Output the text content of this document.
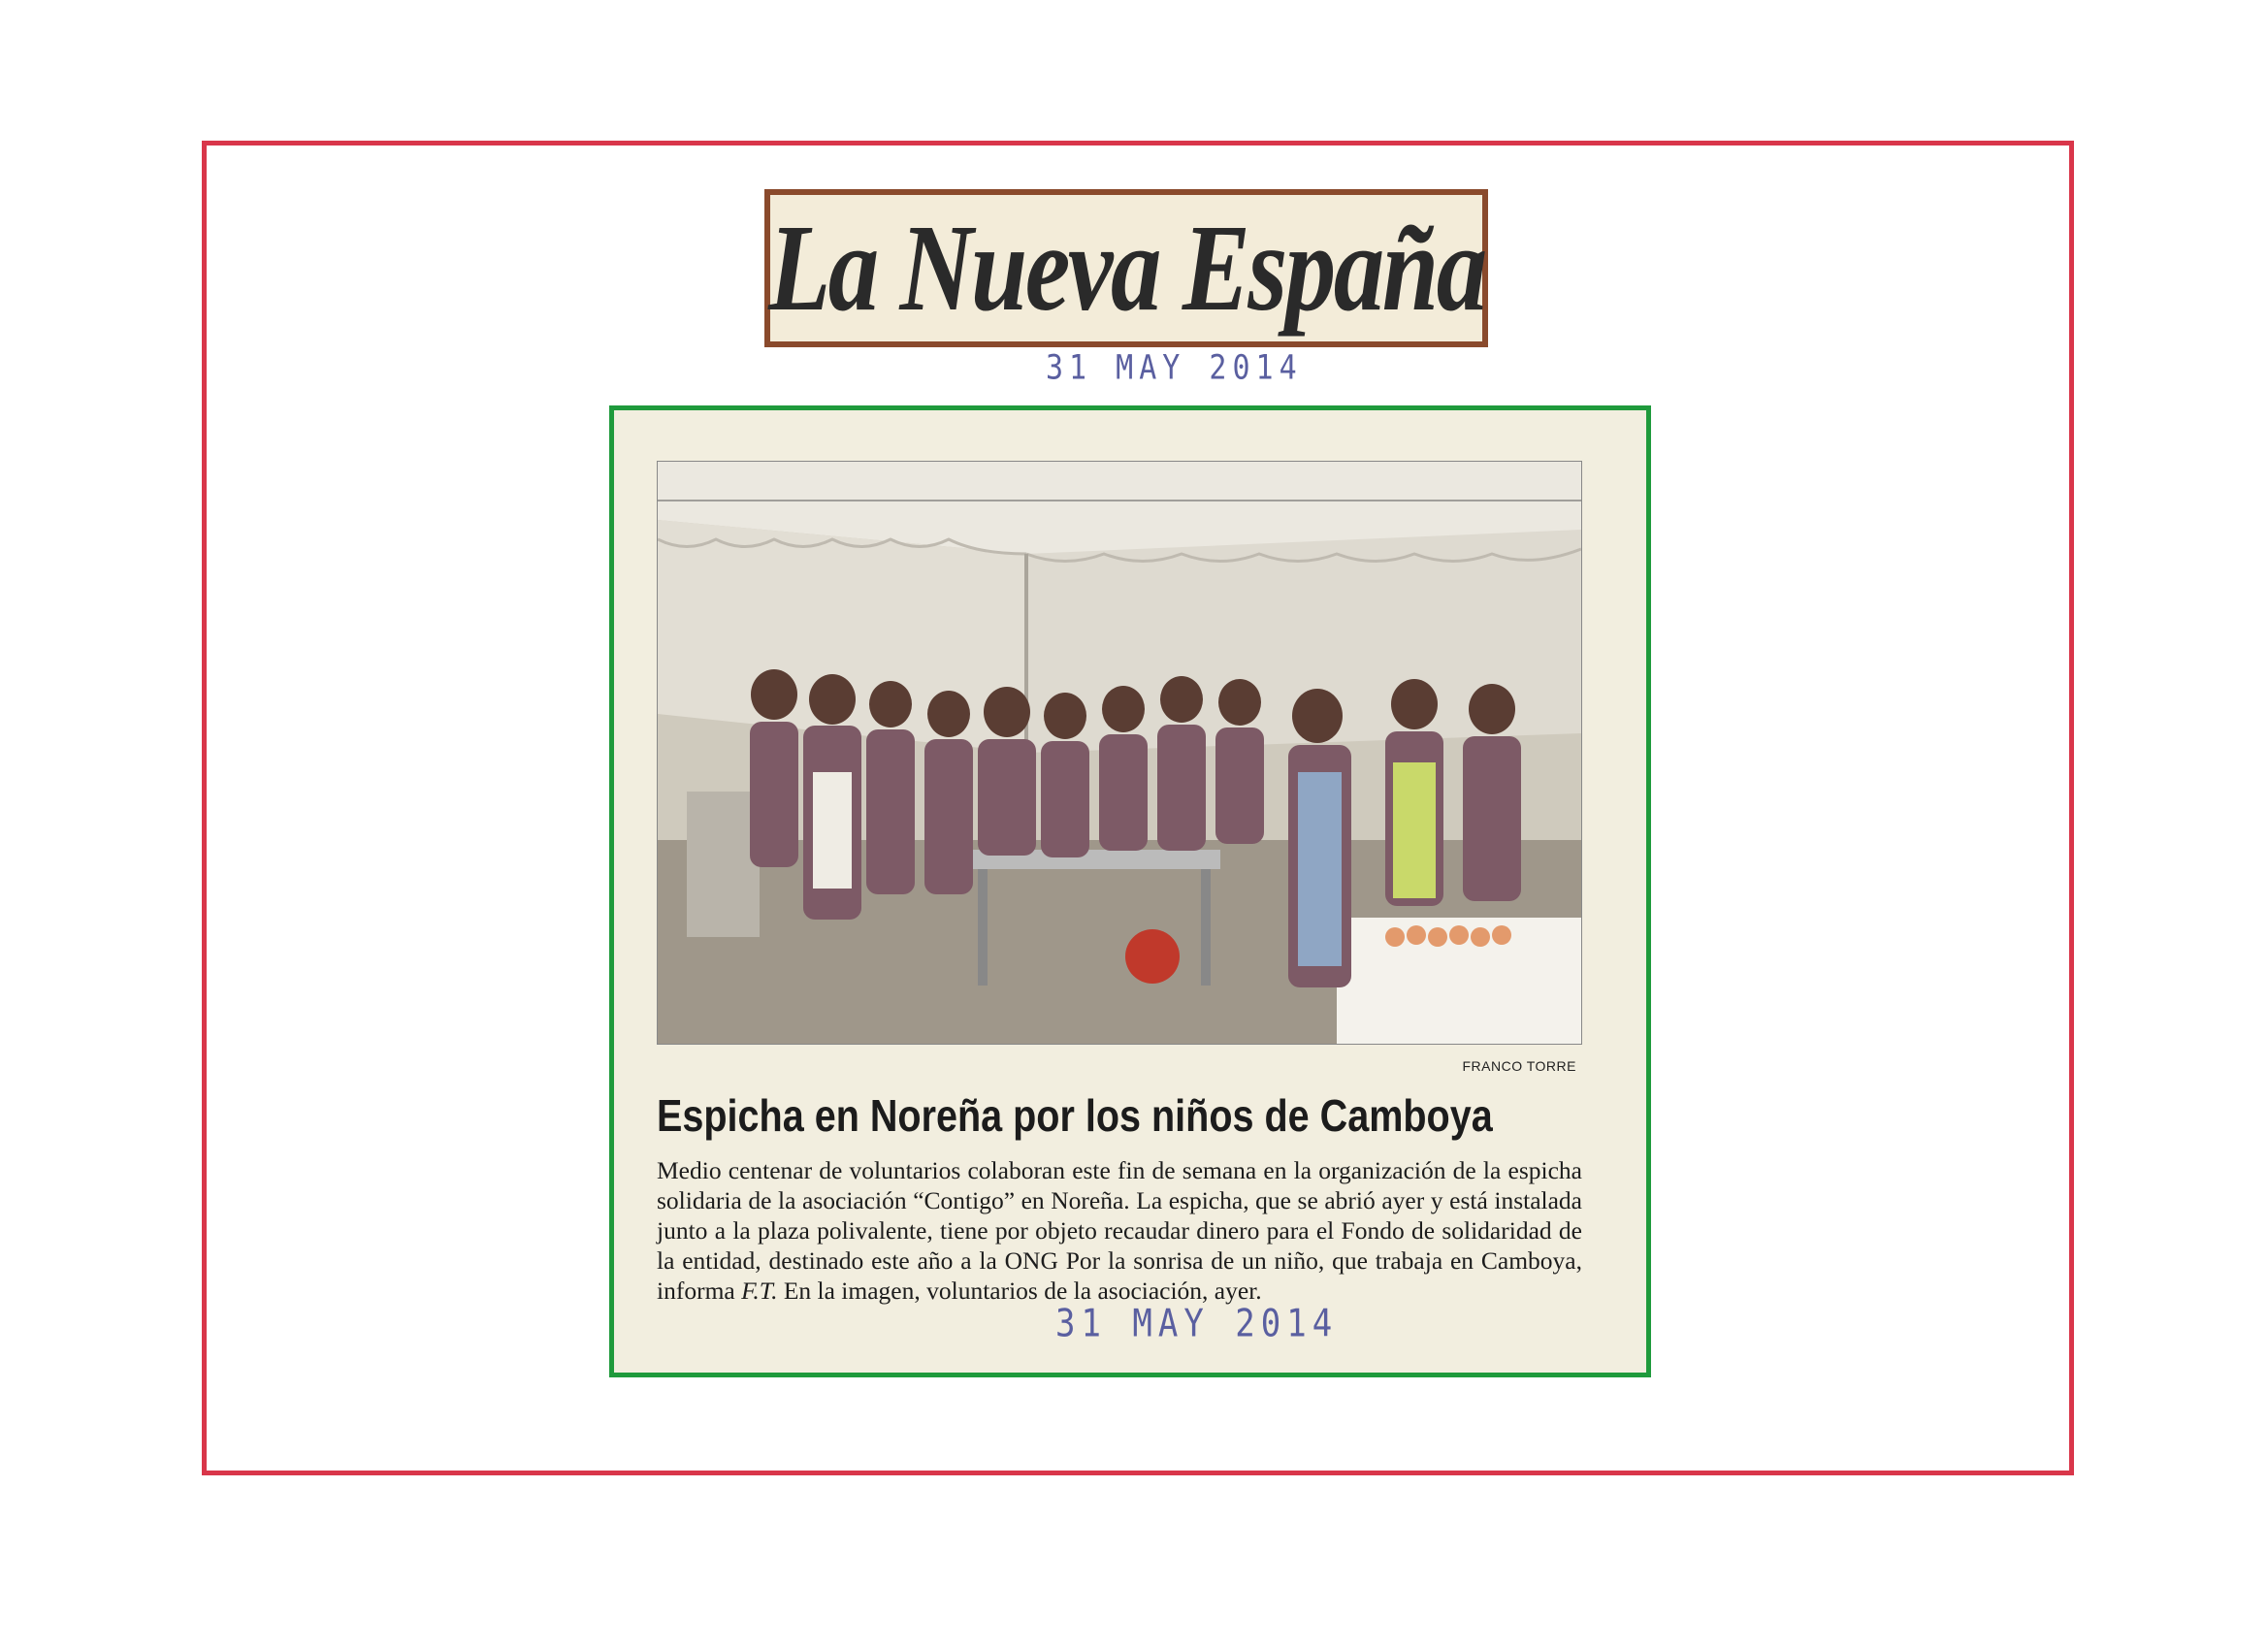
La Nueva España
31 MAY 2014
FRANCO TORRE
Espicha en Noreña por los niños de Camboya
Medio centenar de voluntarios colaboran este fin de semana en la organización de la espicha solidaria de la asociación “Contigo” en Noreña. La espicha, que se abrió ayer y está instalada junto a la plaza polivalente, tiene por objeto recaudar dinero para el Fondo de solidaridad de la entidad, destinado este año a la ONG Por la sonrisa de un niño, que trabaja en Camboya, informa F.T. En la imagen, voluntarios de la asociación, ayer.
31 MAY 2014
